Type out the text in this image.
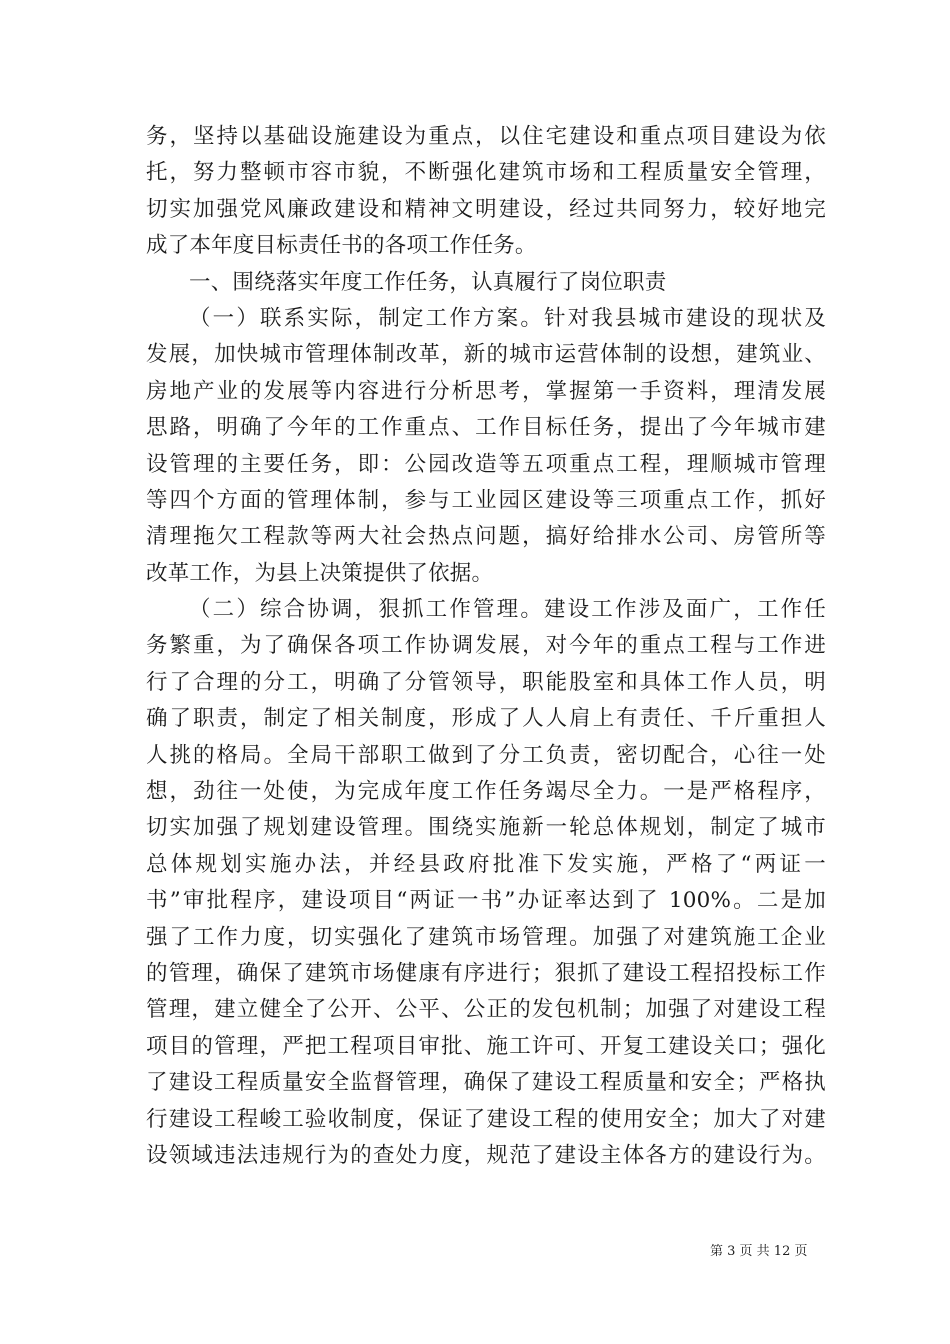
务，坚持以基础设施建设为重点，以住宅建设和重点项目建设为依
托，努力整顿市容市貌，不断强化建筑市场和工程质量安全管理，
切实加强党风廉政建设和精神文明建设，经过共同努力，较好地完
成了本年度目标责任书的各项工作任务。
一、围绕落实年度工作任务，认真履行了岗位职责
（一）联系实际，制定工作方案。针对我县城市建设的现状及
发展，加快城市管理体制改革，新的城市运营体制的设想，建筑业、
房地产业的发展等内容进行分析思考，掌握第一手资料，理清发展
思路，明确了今年的工作重点、工作目标任务，提出了今年城市建
设管理的主要任务，即：公园改造等五项重点工程，理顺城市管理
等四个方面的管理体制，参与工业园区建设等三项重点工作，抓好
清理拖欠工程款等两大社会热点问题，搞好给排水公司、房管所等
改革工作，为县上决策提供了依据。
（二）综合协调，狠抓工作管理。建设工作涉及面广，工作任
务繁重，为了确保各项工作协调发展，对今年的重点工程与工作进
行了合理的分工，明确了分管领导，职能股室和具体工作人员，明
确了职责，制定了相关制度，形成了人人肩上有责任、千斤重担人
人挑的格局。全局干部职工做到了分工负责，密切配合，心往一处
想，劲往一处使，为完成年度工作任务竭尽全力。一是严格程序，
切实加强了规划建设管理。围绕实施新一轮总体规划，制定了城市
总体规划实施办法，并经县政府批准下发实施，严格了“两证一
书”审批程序，建设项目“两证一书”办证率达到了 100%。二是加
强了工作力度，切实强化了建筑市场管理。加强了对建筑施工企业
的管理，确保了建筑市场健康有序进行；狠抓了建设工程招投标工作
管理，建立健全了公开、公平、公正的发包机制；加强了对建设工程
项目的管理，严把工程项目审批、施工许可、开复工建设关口；强化
了建设工程质量安全监督管理，确保了建设工程质量和安全；严格执
行建设工程峻工验收制度，保证了建设工程的使用安全；加大了对建
设领域违法违规行为的查处力度，规范了建设主体各方的建设行为。
第 3 页 共 12 页
